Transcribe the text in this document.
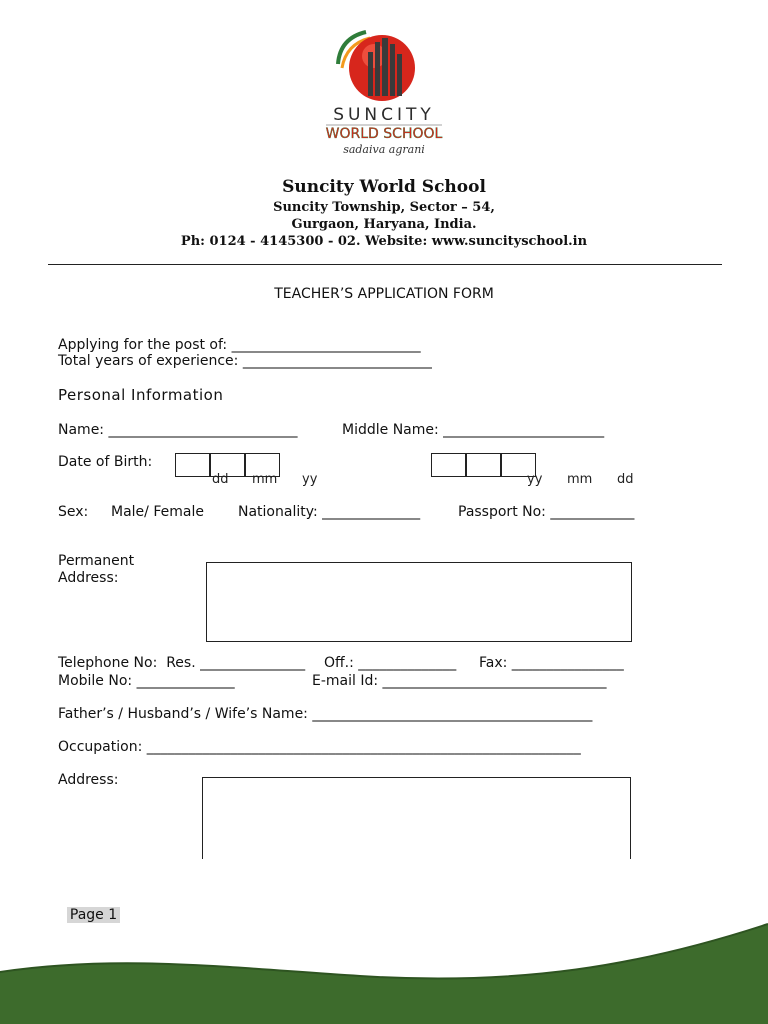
SUNCITY
WORLD SCHOOL
sadaiva agrani
Suncity World School
Suncity Township, Sector – 54,
Gurgaon, Haryana, India.
Ph: 0124 - 4145300 - 02. Website: www.suncityschool.in
TEACHER’S APPLICATION FORM
Applying for the post of: ___________________________
Total years of experience: ___________________________
Personal Information
Name: ___________________________	Middle Name: _______________________
Date of Birth:

dd mm yy

	yy mm dd
Sex: Male/ Female Nationality: ______________	Passport No: ____________
Permanent
Address:
Telephone No:  Res. _______________ Off.: ______________ Fax: ________________
Mobile No: ______________	E-mail Id: ________________________________
Father’s / Husband’s / Wife’s Name: ________________________________________
Occupation: ______________________________________________________________
Address:

Page 1
